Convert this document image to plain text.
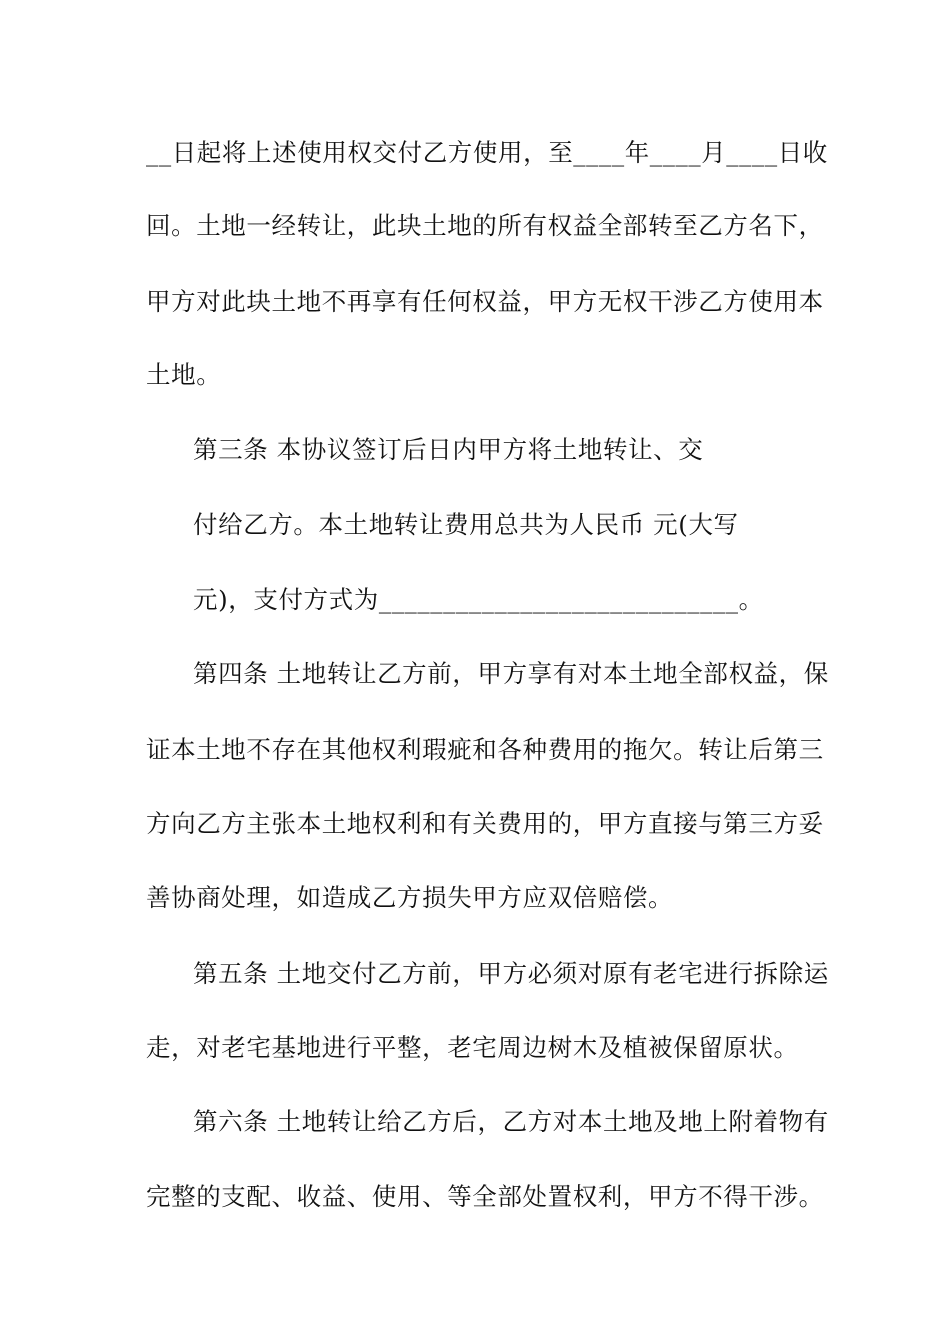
__日起将上述使用权交付乙方使用，至____年____月____日收
回。土地一经转让，此块土地的所有权益全部转至乙方名下，
甲方对此块土地不再享有任何权益，甲方无权干涉乙方使用本
土地。
第三条 本协议签订后日内甲方将土地转让、交
付给乙方。本土地转让费用总共为人民币 元(大写
元)，支付方式为____________________________。
第四条 土地转让乙方前，甲方享有对本土地全部权益，保
证本土地不存在其他权利瑕疵和各种费用的拖欠。转让后第三
方向乙方主张本土地权利和有关费用的，甲方直接与第三方妥
善协商处理，如造成乙方损失甲方应双倍赔偿。
第五条 土地交付乙方前，甲方必须对原有老宅进行拆除运
走，对老宅基地进行平整，老宅周边树木及植被保留原状。
第六条 土地转让给乙方后，乙方对本土地及地上附着物有
完整的支配、收益、使用、等全部处置权利，甲方不得干涉。
